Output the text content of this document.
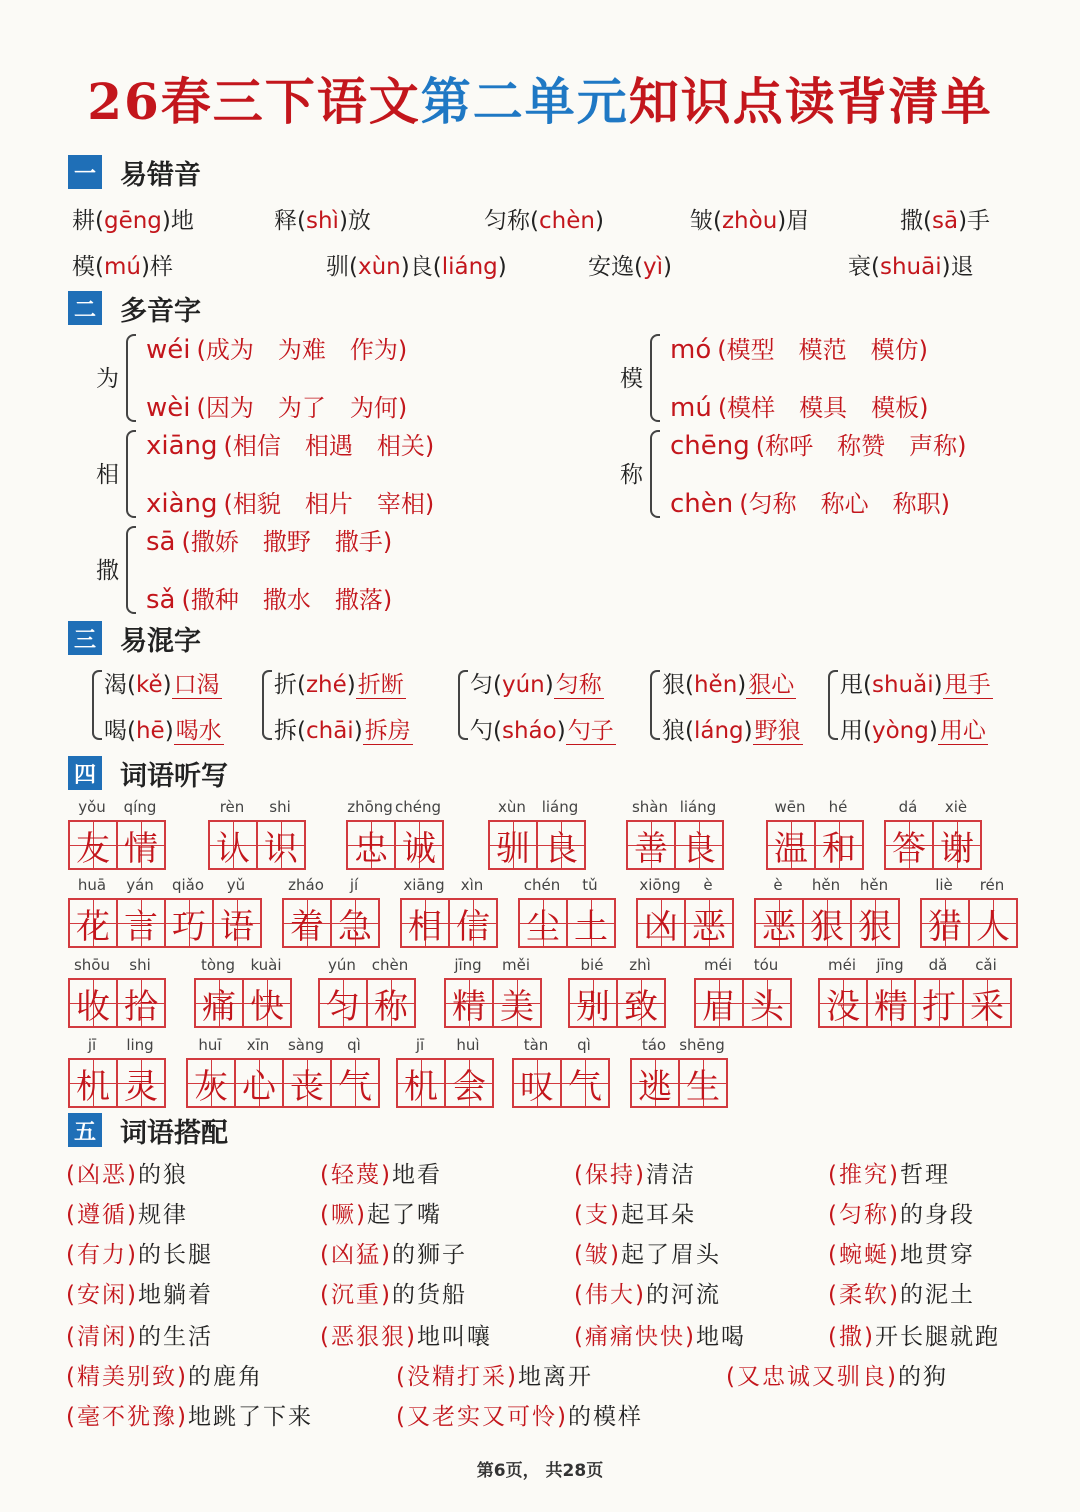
26春三下语文第二单元知识点读背清单
一 易错音
耕(gēng)地	释(shì)放	匀称(chèn)	皱(zhòu)眉	撒(sā)手
模(mú)样	驯(xùn)良(liáng)	安逸(yì)	衰(shuāi)退
二 多音字
为
wéi (成为　为难　作为)
wèi (因为　为了　为何)
模
mó (模型　模范　模仿)
mú (模样　模具　模板)
相
xiāng (相信　相遇　相关)
xiàng (相貌　相片　宰相)
称
chēng (称呼　称赞　声称)
chèn (匀称　称心　称职)
撒
sā (撒娇　撒野　撒手)
sǎ (撒种　撒水　撒落)
三 易混字
渴(kě)口渴
喝(hē)喝水
折(zhé)折断
拆(chāi)拆房
匀(yún)匀称
勺(sháo)勺子
狠(hěn)狠心
狼(láng)野狼
甩(shuǎi)甩手
用(yòng)用心
四 词语听写
yǒu	qíng
友 情
rèn	shi
认 识
zhōng chéng
忠 诚
xùn	liáng
驯 良
shàn liáng
善 良
wēn	hé
温 和
dá	xiè
答 谢
huā	yán	qiǎo	yǔ
花 言 巧 语
zháo	jí
着 急
xiāng	xìn
相 信
chén	tǔ
尘 土
xiōng	è
凶 恶
è	hěn	hěn
恶 狠 狠
liè	rén
猎 人
shōu	shi
收 拾
tòng	kuài
痛 快
yún	chèn
匀 称
jīng	měi
精 美
bié	zhì
别 致
méi	tóu
眉 头
méi	jīng	dǎ	cǎi
没 精 打 采
jī	ling
机 灵
huī	xīn	sàng	qì
灰 心 丧 气
jī	huì
机 会
tàn	qì
叹 气
táo shēng
逃 生
五 词语搭配
(凶恶)的狼	(轻蔑)地看	(保持)清洁	(推究)哲理
(遵循)规律	(噘)起了嘴	(支)起耳朵	(匀称)的身段
(有力)的长腿	(凶猛)的狮子	(皱)起了眉头	(蜿蜒)地贯穿
(安闲)地躺着	(沉重)的货船	(伟大)的河流	(柔软)的泥土
(清闲)的生活	(恶狠狠)地叫嚷	(痛痛快快)地喝	(撒)开长腿就跑
(精美别致)的鹿角	(没精打采)地离开	(又忠诚又驯良)的狗
(毫不犹豫)地跳了下来	(又老实又可怜)的模样
第6页， 共28页
